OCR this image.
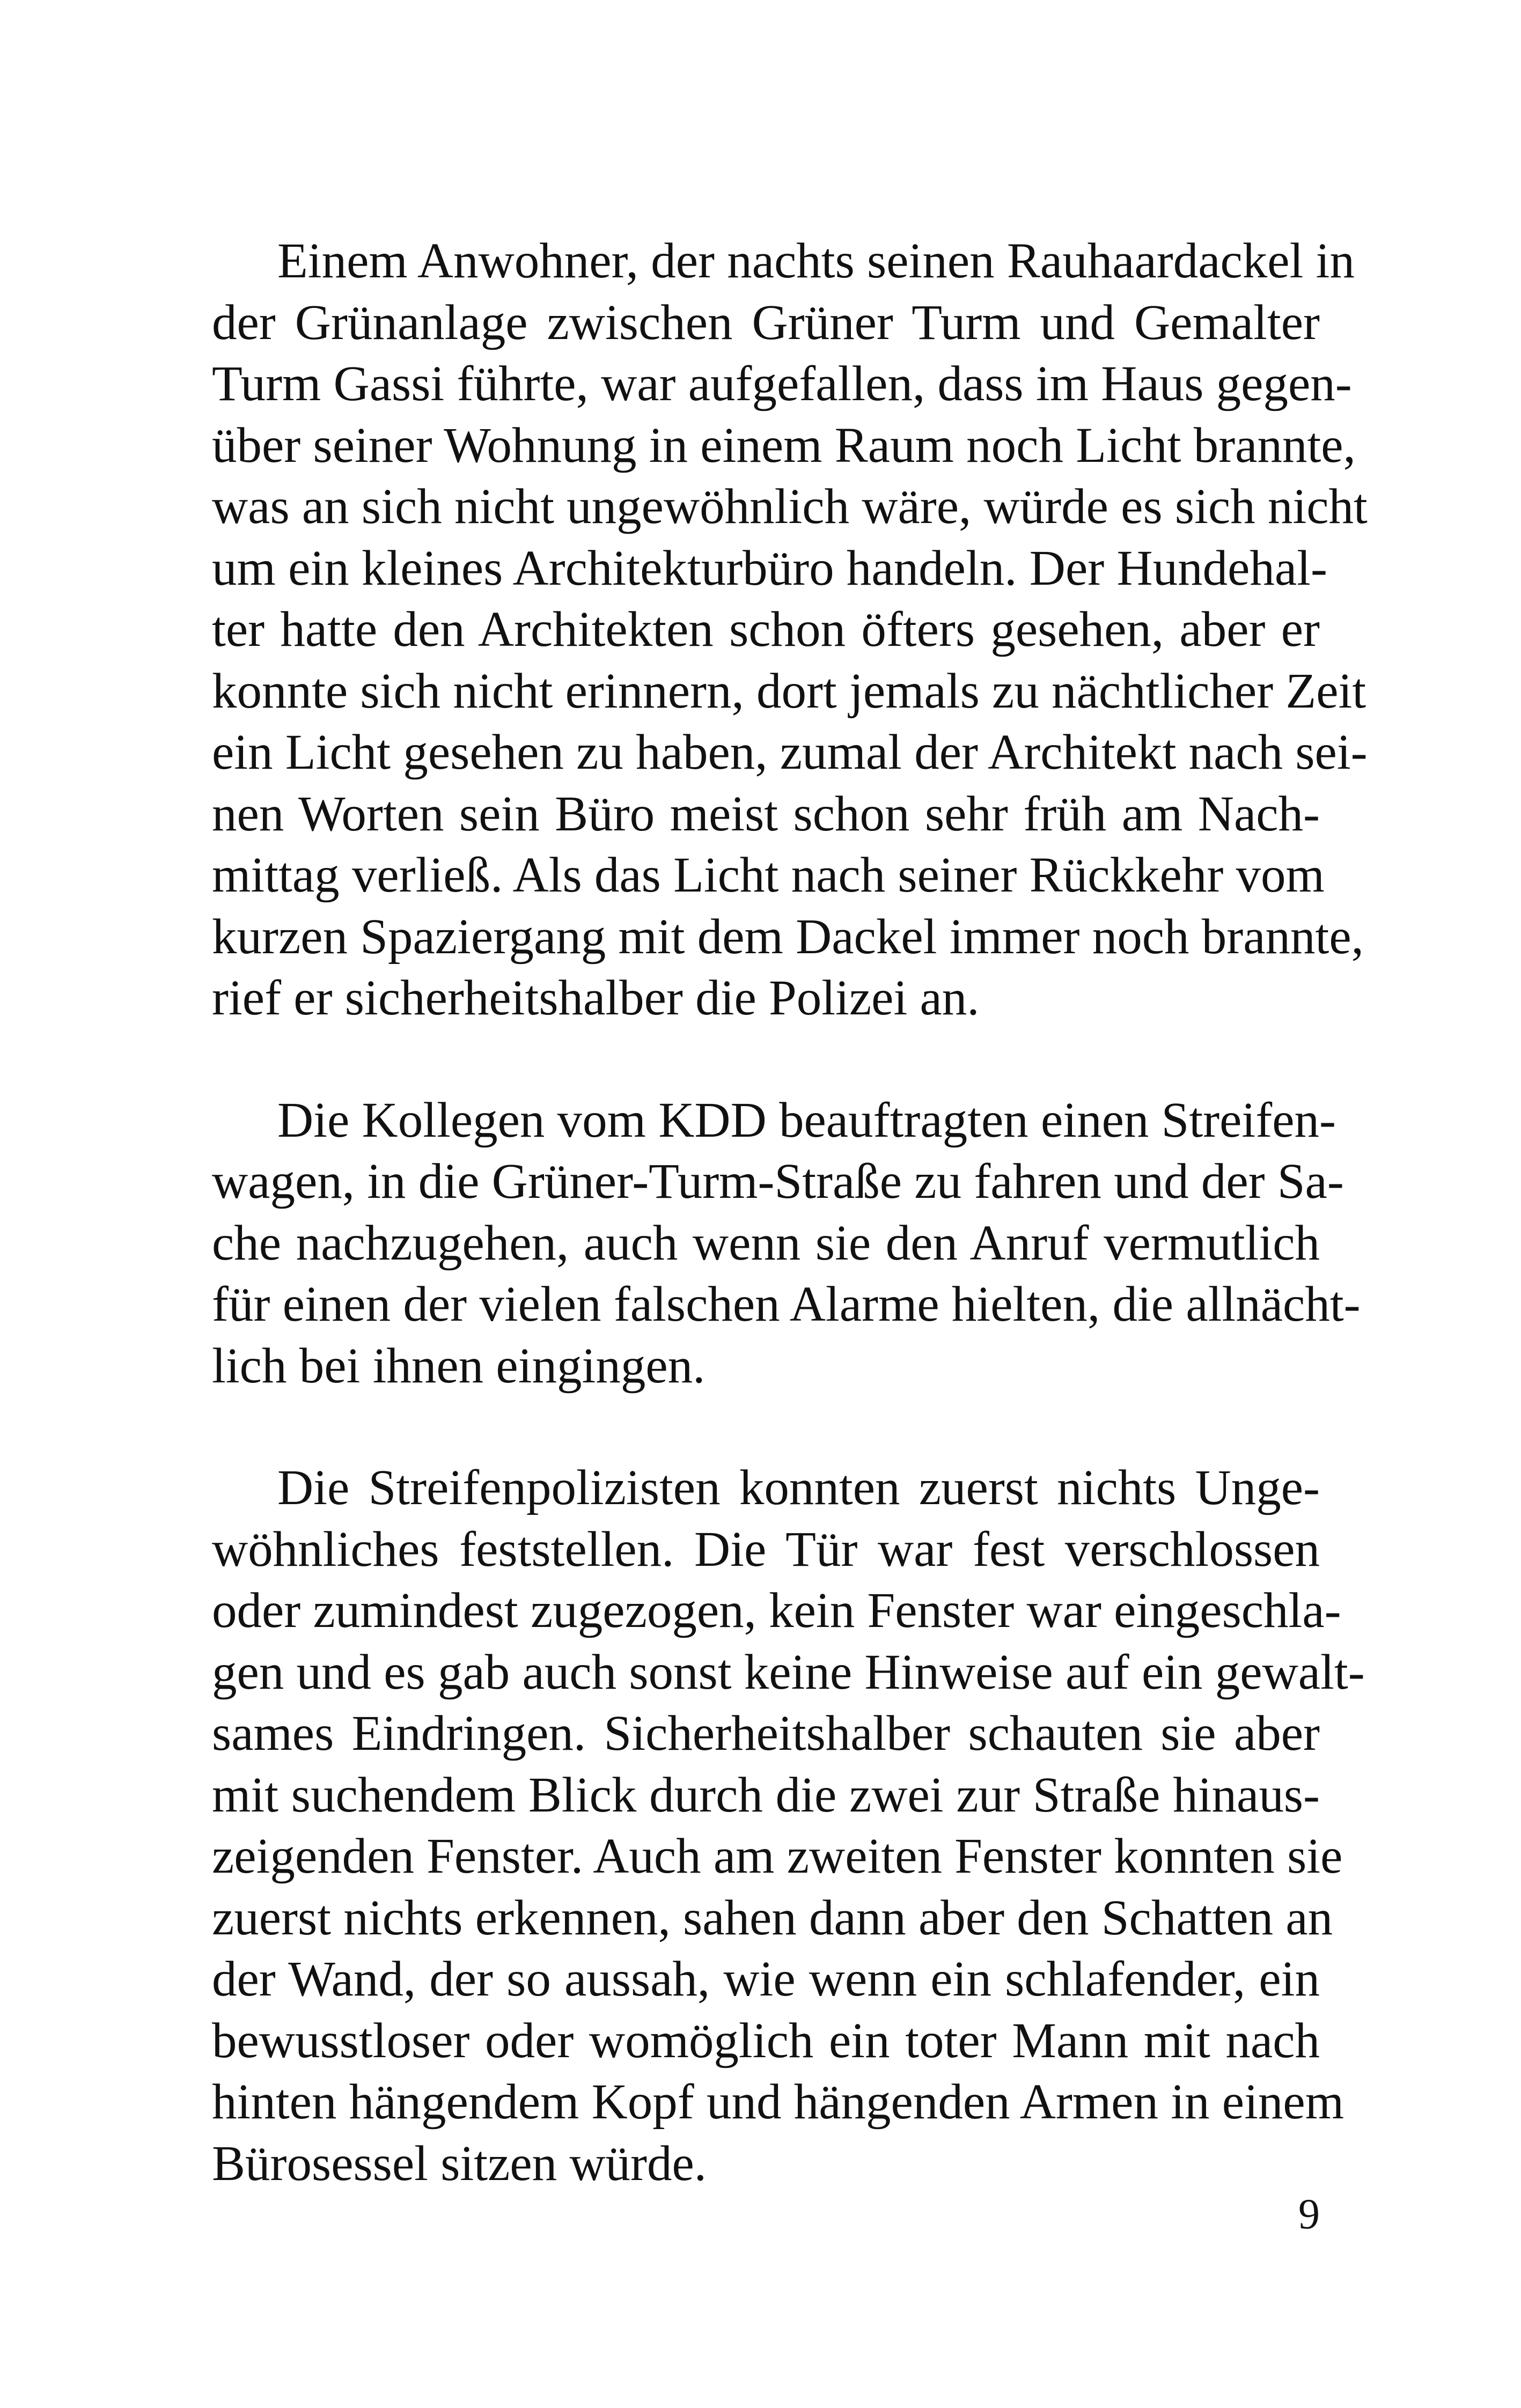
Einem Anwohner, der nachts seinen Rauhaardackel in
der Grünanlage zwischen Grüner Turm und Gemalter
Turm Gassi führte, war aufgefallen, dass im Haus gegen-
über seiner Wohnung in einem Raum noch Licht brannte,
was an sich nicht ungewöhnlich wäre, würde es sich nicht
um ein kleines Architekturbüro handeln. Der Hundehal-
ter hatte den Architekten schon öfters gesehen, aber er
konnte sich nicht erinnern, dort jemals zu nächtlicher Zeit
ein Licht gesehen zu haben, zumal der Architekt nach sei-
nen Worten sein Büro meist schon sehr früh am Nach-
mittag verließ. Als das Licht nach seiner Rückkehr vom
kurzen Spaziergang mit dem Dackel immer noch brannte,
rief er sicherheitshalber die Polizei an.

Die Kollegen vom KDD beauftragten einen Streifen-
wagen, in die Grüner-Turm-Straße zu fahren und der Sa-
che nachzugehen, auch wenn sie den Anruf vermutlich
für einen der vielen falschen Alarme hielten, die allnächt-
lich bei ihnen eingingen.

Die Streifenpolizisten konnten zuerst nichts Unge-
wöhnliches feststellen. Die Tür war fest verschlossen
oder zumindest zugezogen, kein Fenster war eingeschla-
gen und es gab auch sonst keine Hinweise auf ein gewalt-
sames Eindringen. Sicherheitshalber schauten sie aber
mit suchendem Blick durch die zwei zur Straße hinaus-
zeigenden Fenster. Auch am zweiten Fenster konnten sie
zuerst nichts erkennen, sahen dann aber den Schatten an
der Wand, der so aussah, wie wenn ein schlafender, ein
bewusstloser oder womöglich ein toter Mann mit nach
hinten hängendem Kopf und hängenden Armen in einem
Bürosessel sitzen würde.

9
